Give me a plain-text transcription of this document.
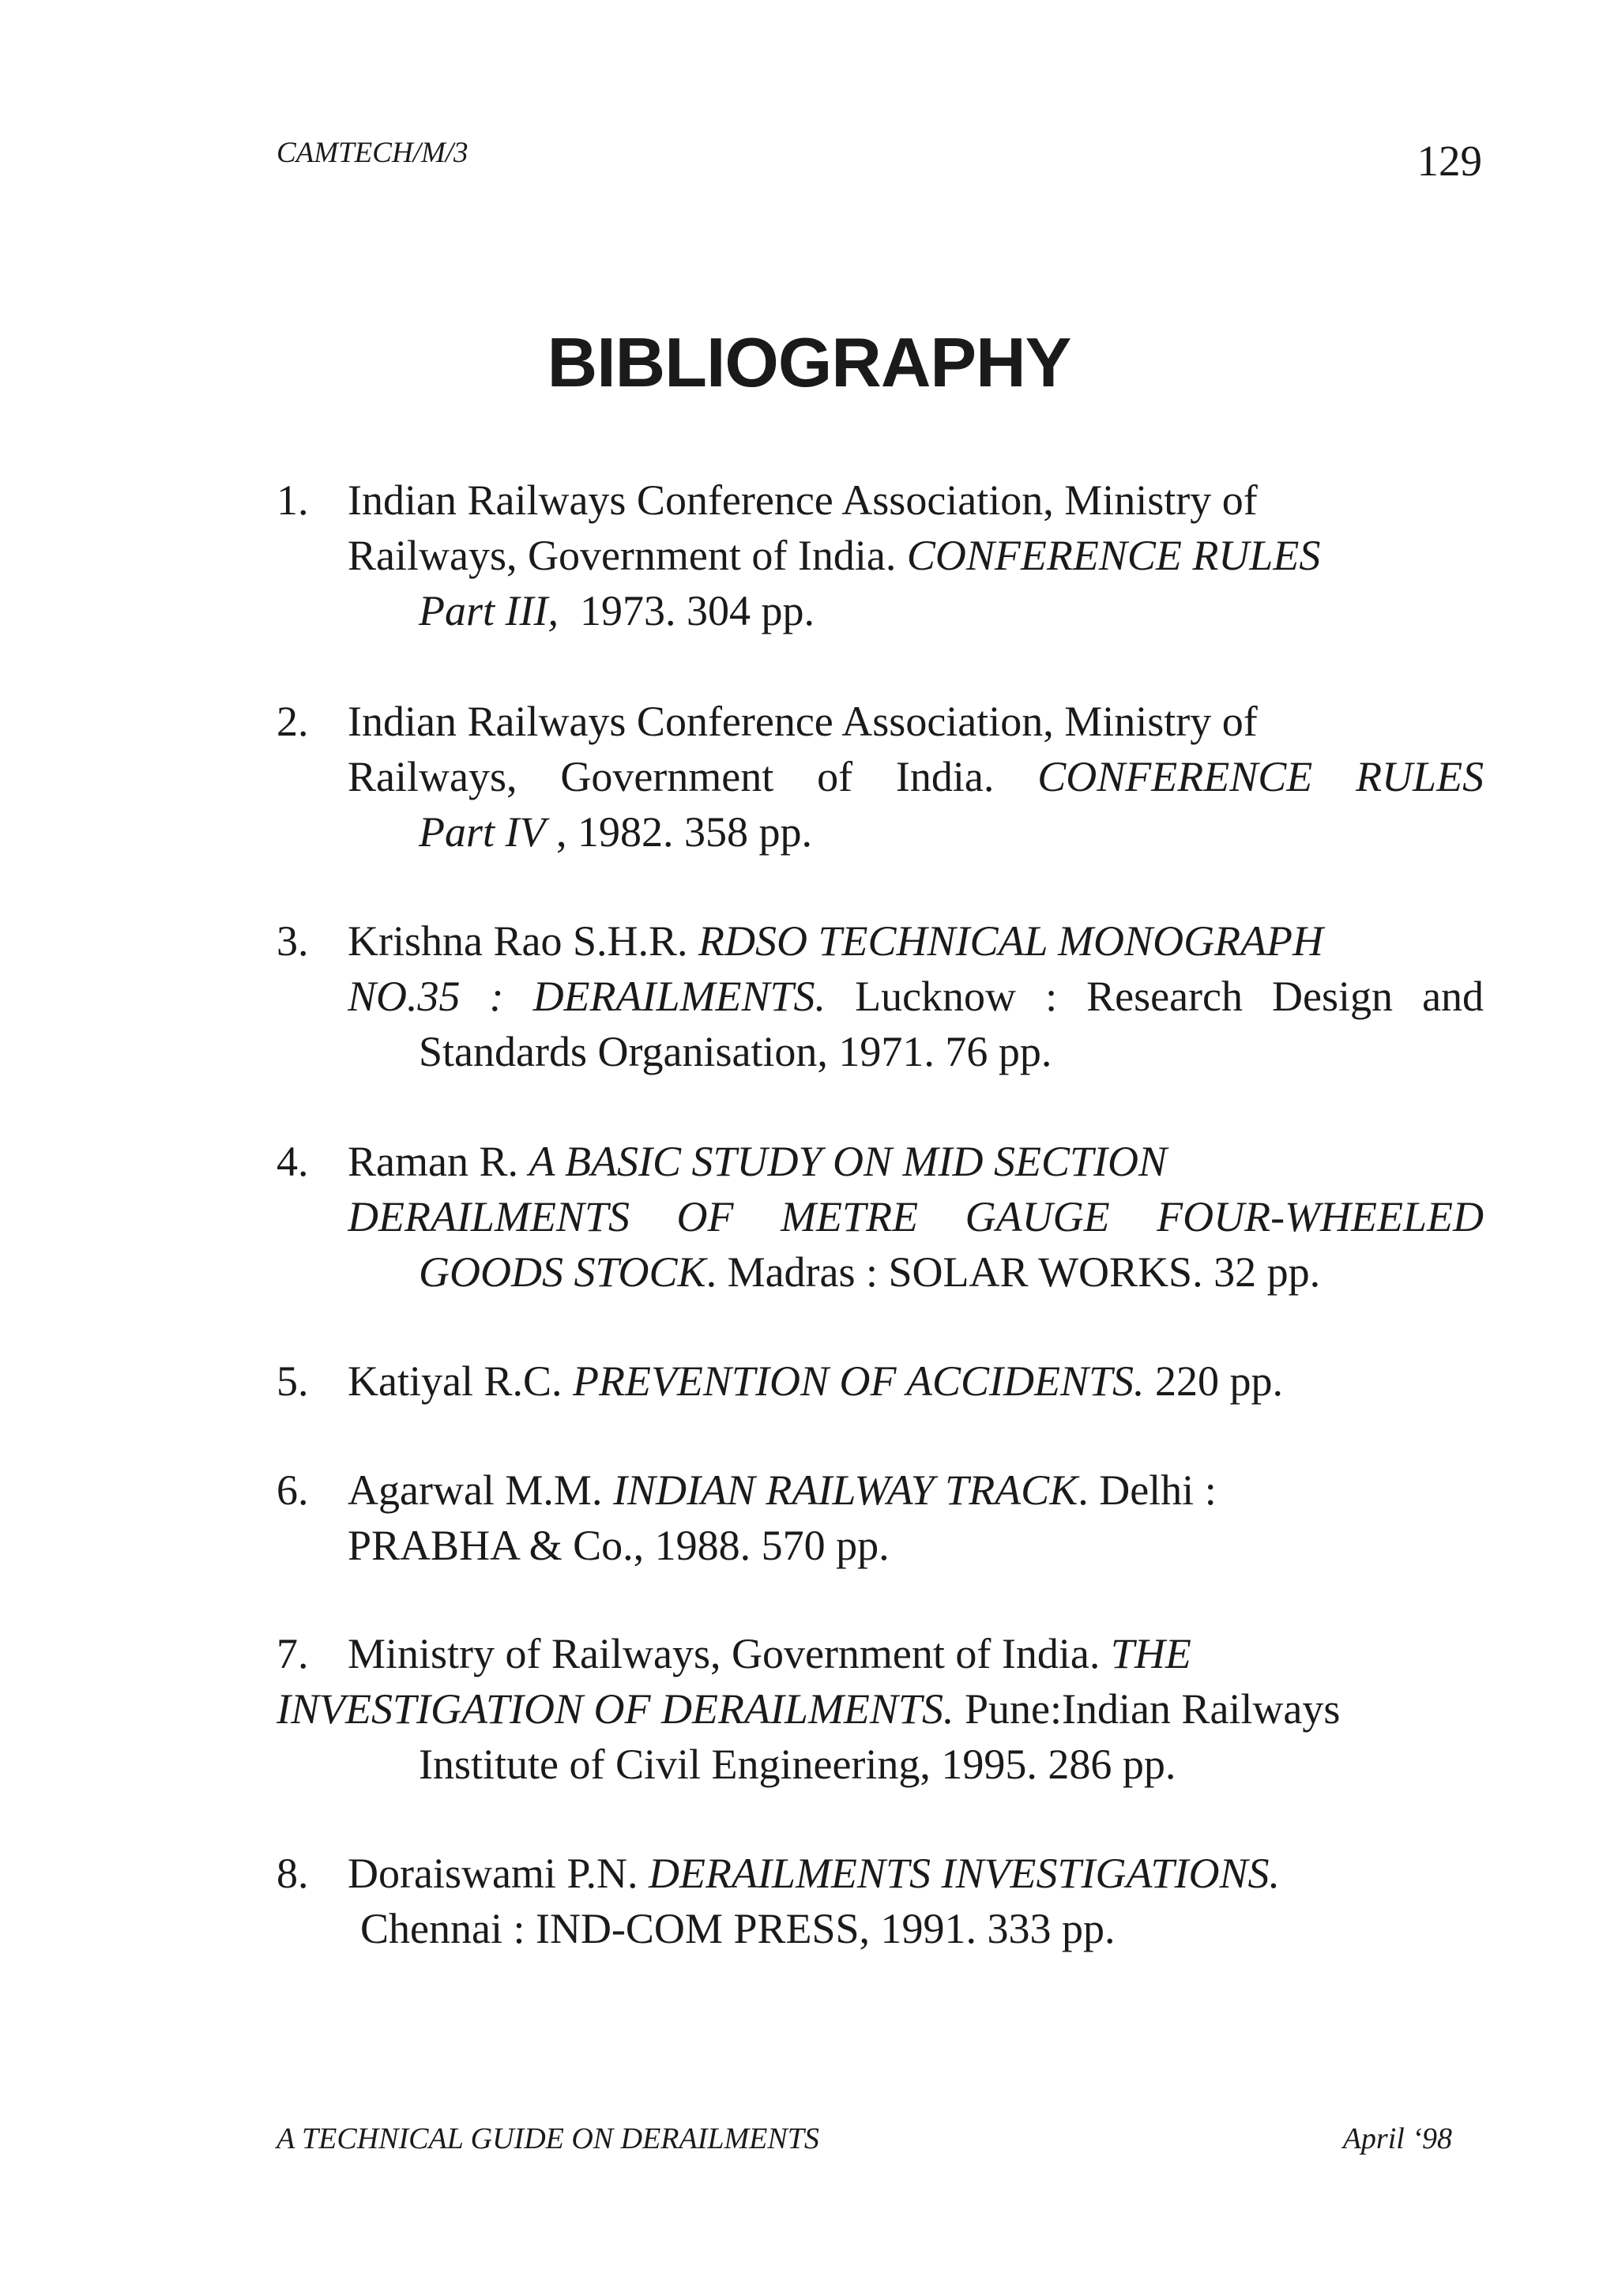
CAMTECH/M/3	129
BIBLIOGRAPHY
1. Indian Railways Conference Association, Ministry of
Railways, Government of India. CONFERENCE RULES
Part III,  1973. 304 pp.
2. Indian Railways Conference Association, Ministry of
Railways, Government of India. CONFERENCE RULES
Part IV , 1982. 358 pp.
3. Krishna Rao S.H.R. RDSO TECHNICAL MONOGRAPH
NO.35 : DERAILMENTS. Lucknow : Research Design and
Standards Organisation, 1971. 76 pp.
4. Raman R. A BASIC STUDY ON MID SECTION
DERAILMENTS OF METRE GAUGE FOUR-WHEELED
GOODS STOCK. Madras : SOLAR WORKS. 32 pp.
5. Katiyal R.C. PREVENTION OF ACCIDENTS. 220 pp.
6. Agarwal M.M. INDIAN RAILWAY TRACK. Delhi :
PRABHA & Co., 1988. 570 pp.
7. Ministry of Railways, Government of India. THE
INVESTIGATION OF DERAILMENTS. Pune:Indian Railways
Institute of Civil Engineering, 1995. 286 pp.
8. Doraiswami P.N. DERAILMENTS INVESTIGATIONS.
Chennai : IND-COM PRESS, 1991. 333 pp.
A TECHNICAL GUIDE ON DERAILMENTS	April ‘98
